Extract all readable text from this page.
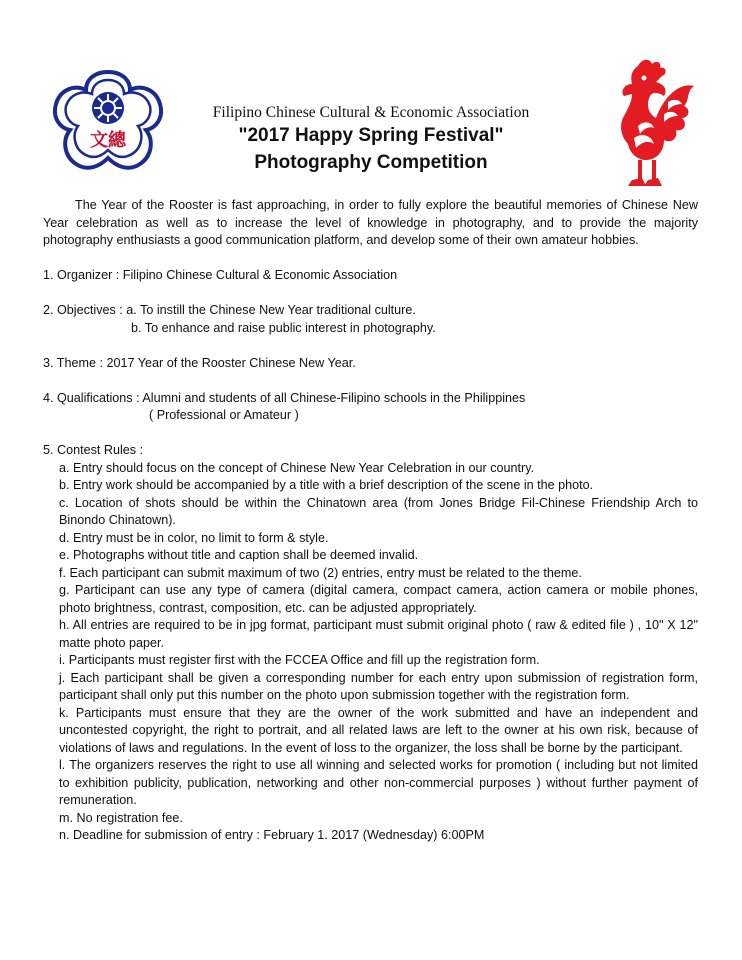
文總
Filipino Chinese Cultural & Economic Association
"2017 Happy Spring Festival"
Photography Competition

The Year of the Rooster is fast approaching, in order to fully explore the beautiful memories of Chinese New Year celebration as well as to increase the level of knowledge in photography, and to provide the majority photography enthusiasts a good communication platform, and develop some of their own amateur hobbies.

1. Organizer : Filipino Chinese Cultural & Economic Association
2. Objectives : a. To instill the Chinese New Year traditional culture.
b. To enhance and raise public interest in photography.
3. Theme : 2017 Year of the Rooster Chinese New Year.
4. Qualifications : Alumni and students of all Chinese-Filipino schools in the Philippines
( Professional or Amateur )
5. Contest Rules :
a. Entry should focus on the concept of Chinese New Year Celebration in our country.
b. Entry work should be accompanied by a title with a brief description of the scene in the photo.
c. Location of shots should be within the Chinatown area (from Jones Bridge Fil-Chinese Friendship Arch to Binondo Chinatown).
d. Entry must be in color, no limit to form & style.
e. Photographs without title and caption shall be deemed invalid.
f. Each participant can submit maximum of two (2) entries, entry must be related to the theme.
g. Participant can use any type of camera (digital camera, compact camera, action camera or mobile phones, photo brightness, contrast, composition, etc. can be adjusted appropriately.
h. All entries are required to be in jpg format, participant must submit original photo ( raw & edited file ) , 10" X 12" matte photo paper.
i. Participants must register first with the FCCEA Office and fill up the registration form.
j. Each participant shall be given a corresponding number for each entry upon submission of registration form, participant shall only put this number on the photo upon submission together with the registration form.
k. Participants must ensure that they are the owner of the work submitted and have an independent and uncontested copyright, the right to portrait, and all related laws are left to the owner at his own risk, because of violations of laws and regulations. In the event of loss to the organizer, the loss shall be borne by the participant.
l. The organizers reserves the right to use all winning and selected works for promotion ( including but not limited to exhibition publicity, publication, networking and other non-commercial purposes ) without further payment of remuneration.
m. No registration fee.
n. Deadline for submission of entry : February 1. 2017 (Wednesday) 6:00PM
